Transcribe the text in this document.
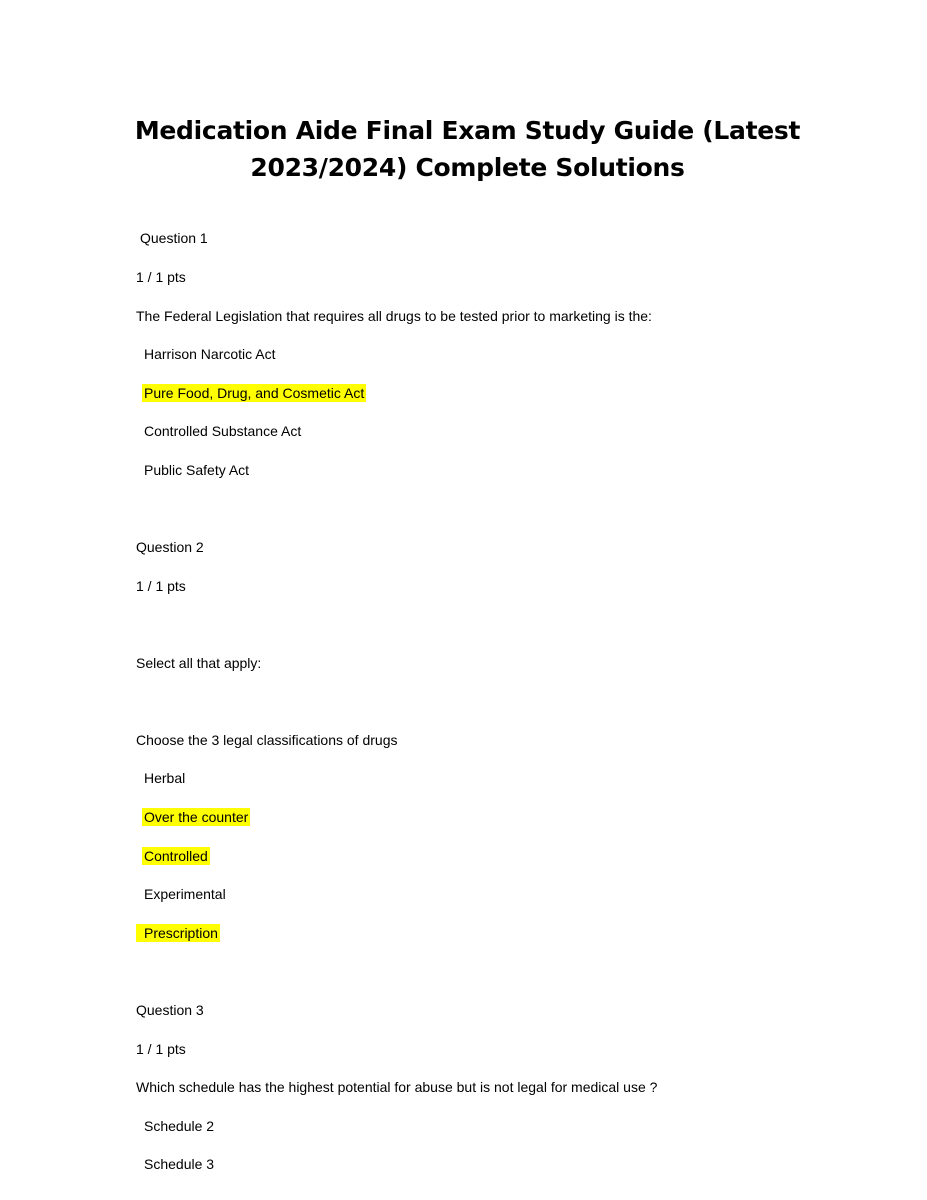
Medication Aide Final Exam Study Guide (Latest
2023/2024) Complete Solutions
Question 1
1 / 1 pts
The Federal Legislation that requires all drugs to be tested prior to marketing is the:
Harrison Narcotic Act
Pure Food, Drug, and Cosmetic Act
Controlled Substance Act
Public Safety Act
Question 2
1 / 1 pts
Select all that apply:
Choose the 3 legal classifications of drugs
Herbal
Over the counter
Controlled
Experimental
Prescription
Question 3
1 / 1 pts
Which schedule has the highest potential for abuse but is not legal for medical use ?
Schedule 2
Schedule 3
